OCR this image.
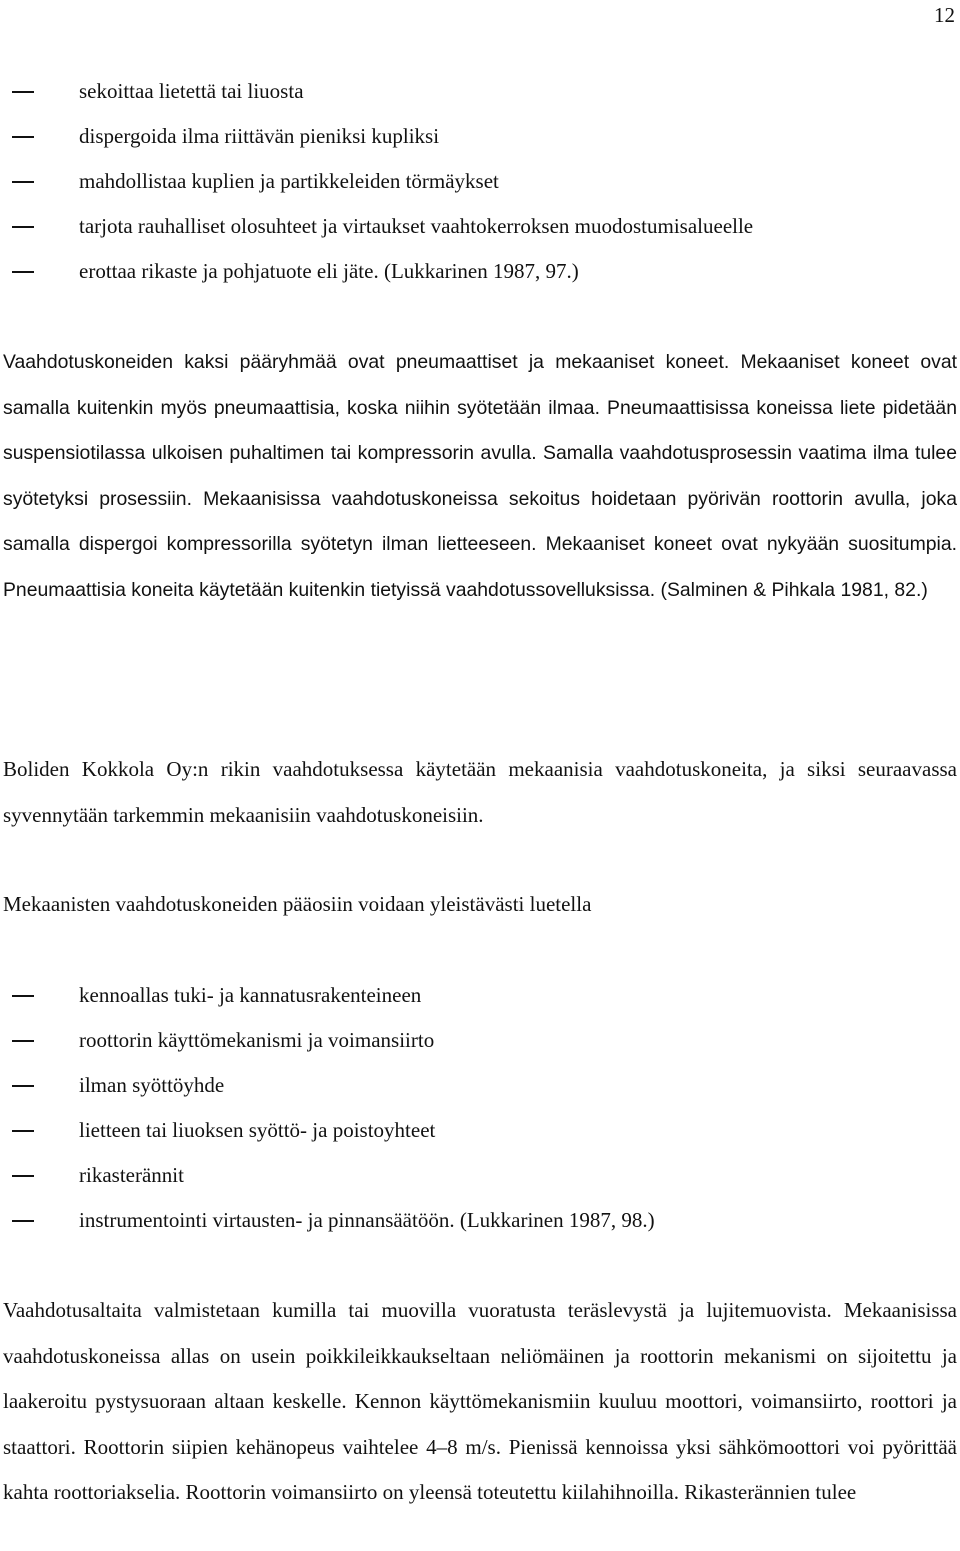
12
sekoittaa lietettä tai liuosta
dispergoida ilma riittävän pieniksi kupliksi
mahdollistaa kuplien ja partikkeleiden törmäykset
tarjota rauhalliset olosuhteet ja virtaukset vaahtokerroksen muodostumisalueelle
erottaa rikaste ja pohjatuote eli jäte. (Lukkarinen 1987, 97.)

Vaahdotuskoneiden kaksi pääryhmää ovat pneumaattiset ja mekaaniset koneet. Mekaaniset koneet ovat samalla kuitenkin myös pneumaattisia, koska niihin syötetään ilmaa. Pneumaattisissa koneissa liete pidetään suspensiotilassa ulkoisen puhaltimen tai kompressorin avulla. Samalla vaahdotusprosessin vaatima ilma tulee syötetyksi prosessiin. Mekaanisissa vaahdotuskoneissa sekoitus hoidetaan pyörivän roottorin avulla, joka samalla dispergoi kompressorilla syötetyn ilman lietteeseen. Mekaaniset koneet ovat nykyään suositumpia. Pneumaattisia koneita käytetään kuitenkin tietyissä vaahdotussovelluksissa. (Salminen & Pihkala 1981, 82.)

Boliden Kokkola Oy:n rikin vaahdotuksessa käytetään mekaanisia vaahdotuskoneita, ja siksi seuraavassa syvennytään tarkemmin mekaanisiin vaahdotuskoneisiin.

Mekaanisten vaahdotuskoneiden pääosiin voidaan yleistävästi luetella

kennoallas tuki- ja kannatusrakenteineen
roottorin käyttömekanismi ja voimansiirto
ilman syöttöyhde
lietteen tai liuoksen syöttö- ja poistoyhteet
rikasterännit
instrumentointi virtausten- ja pinnansäätöön. (Lukkarinen 1987, 98.)

Vaahdotusaltaita valmistetaan kumilla tai muovilla vuoratusta teräslevystä ja lujitemuovista. Mekaanisissa vaahdotuskoneissa allas on usein poikkileikkaukseltaan neliömäinen ja roottorin mekanismi on sijoitettu ja laakeroitu pystysuoraan altaan keskelle. Kennon käyttömekanismiin kuuluu moottori, voimansiirto, roottori ja staattori. Roottorin siipien kehänopeus vaihtelee 4–8 m/s. Pienissä kennoissa yksi sähkömoottori voi pyörittää kahta roottoriakselia. Roottorin voimansiirto on yleensä toteutettu kiilahihnoilla. Rikasterännien tulee
